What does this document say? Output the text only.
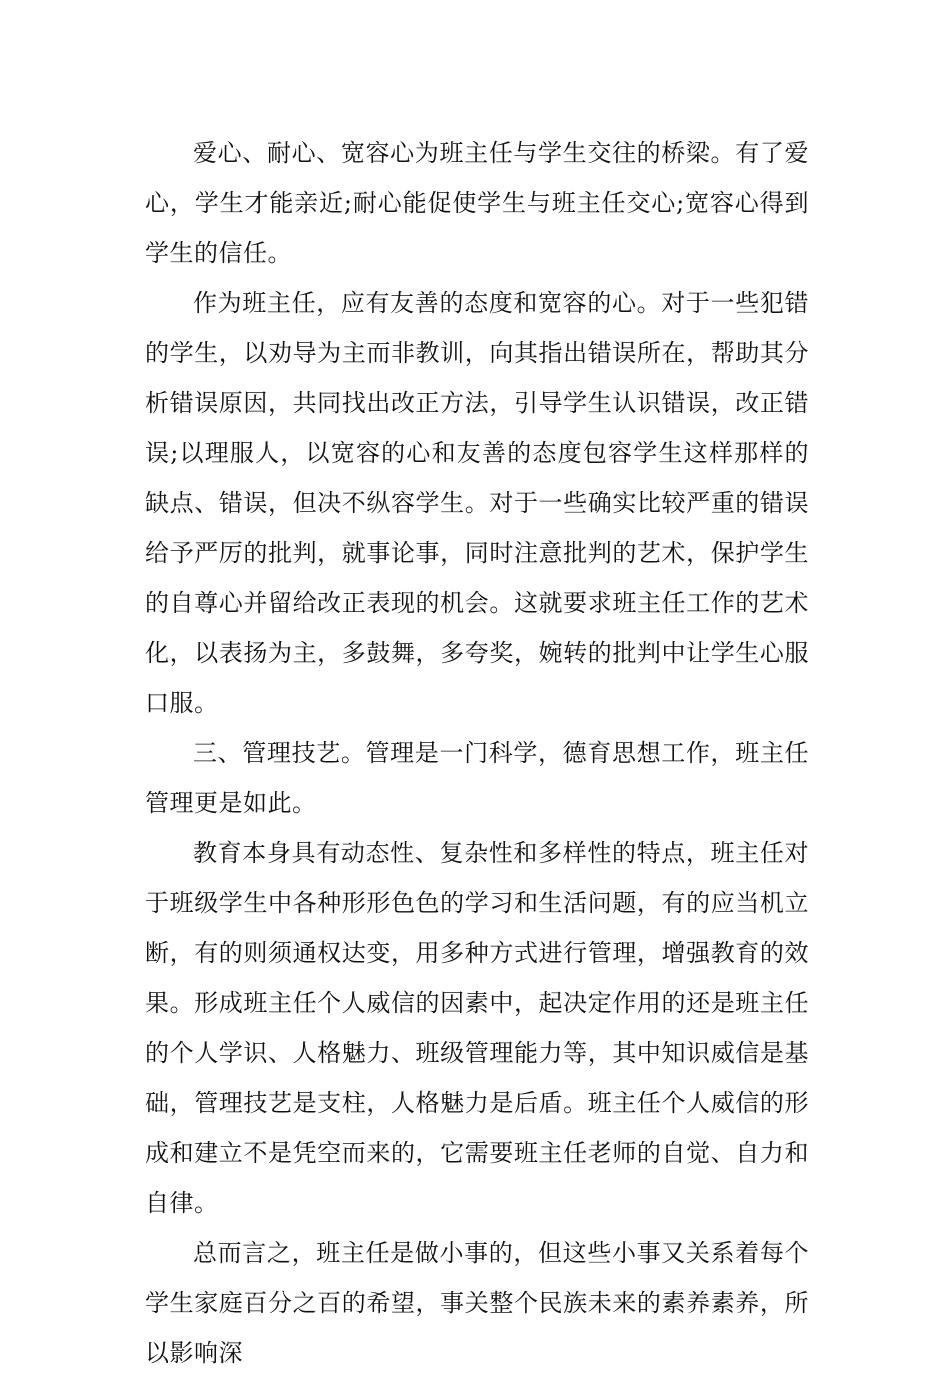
爱心、耐心、宽容心为班主任与学生交往的桥梁。有了爱心，学生才能亲近;耐心能促使学生与班主任交心;宽容心得到学生的信任。

作为班主任，应有友善的态度和宽容的心。对于一些犯错的学生，以劝导为主而非教训，向其指出错误所在，帮助其分析错误原因，共同找出改正方法，引导学生认识错误，改正错误;以理服人，以宽容的心和友善的态度包容学生这样那样的缺点、错误，但决不纵容学生。对于一些确实比较严重的错误给予严厉的批判，就事论事，同时注意批判的艺术，保护学生的自尊心并留给改正表现的机会。这就要求班主任工作的艺术化，以表扬为主，多鼓舞，多夸奖，婉转的批判中让学生心服口服。

三、管理技艺。管理是一门科学，德育思想工作，班主任管理更是如此。

教育本身具有动态性、复杂性和多样性的特点，班主任对于班级学生中各种形形色色的学习和生活问题，有的应当机立断，有的则须通权达变，用多种方式进行管理，增强教育的效果。形成班主任个人威信的因素中，起决定作用的还是班主任的个人学识、人格魅力、班级管理能力等，其中知识威信是基础，管理技艺是支柱，人格魅力是后盾。班主任个人威信的形成和建立不是凭空而来的，它需要班主任老师的自觉、自力和自律。

总而言之，班主任是做小事的，但这些小事又关系着每个学生家庭百分之百的希望，事关整个民族未来的素养素养，所以影响深
